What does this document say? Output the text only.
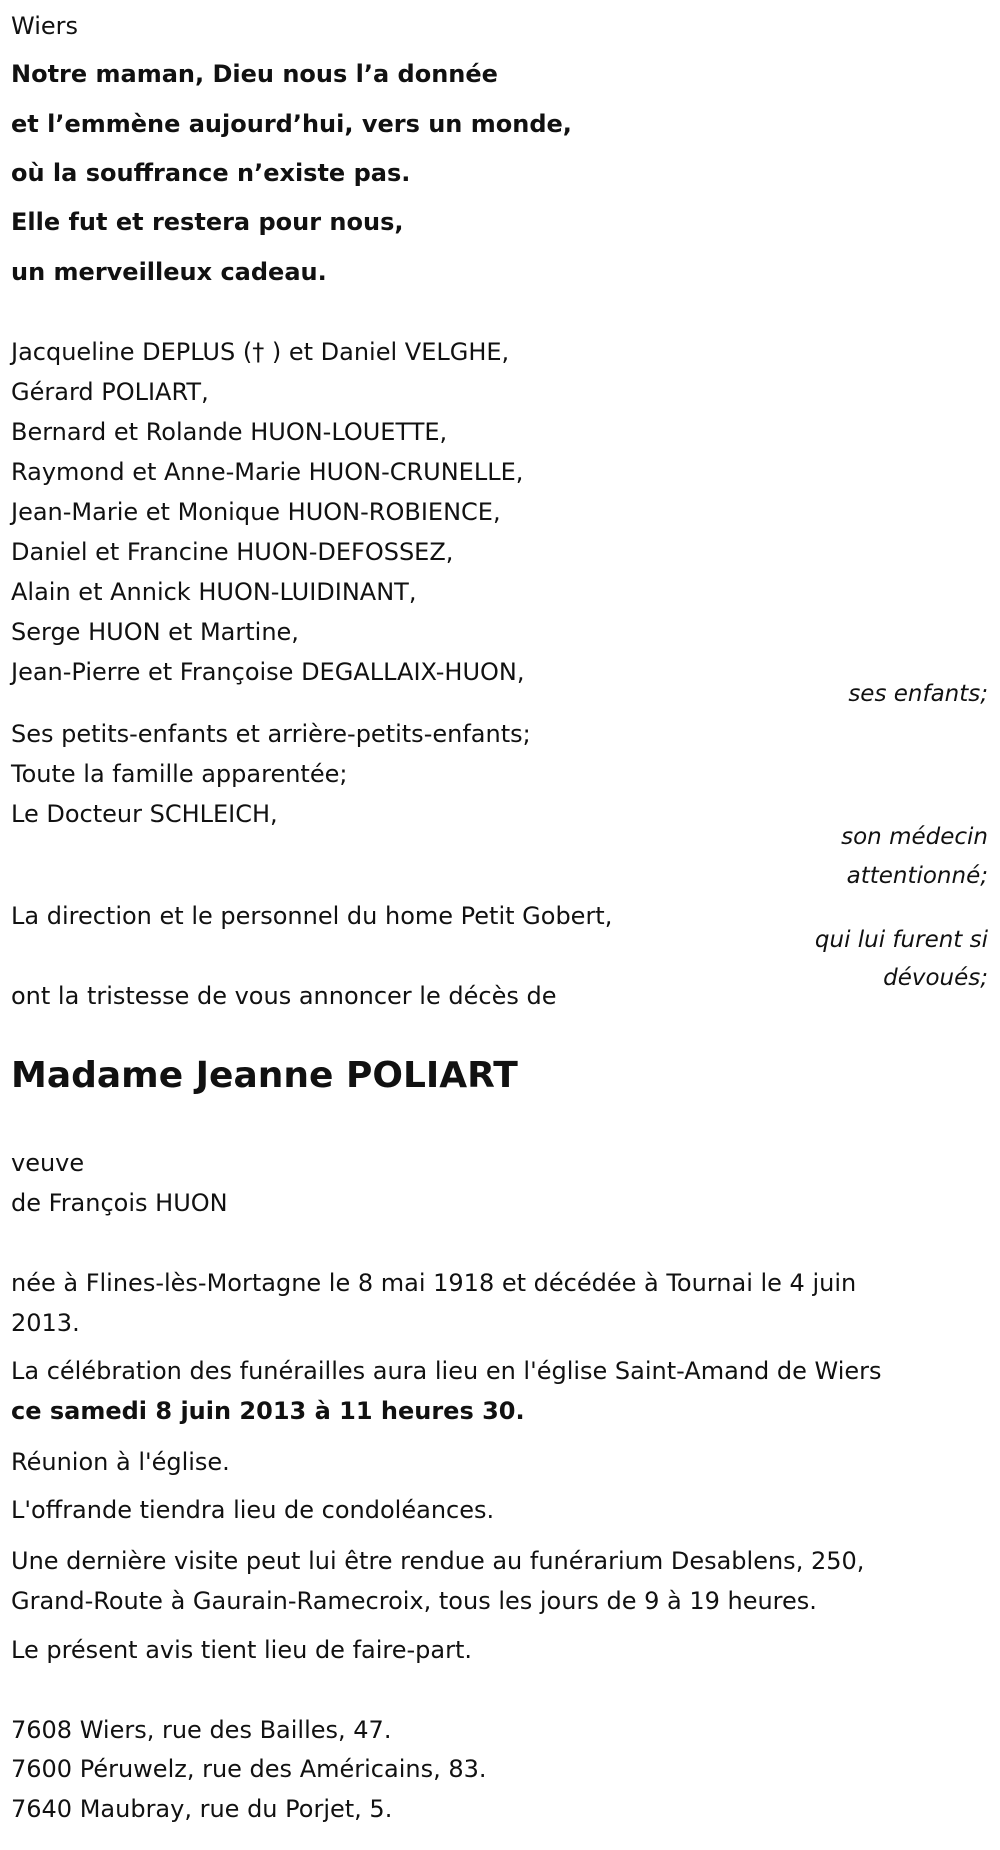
Wiers
Notre maman, Dieu nous l’a donnée
et l’emmène aujourd’hui, vers un monde,
où la souffrance n’existe pas.
Elle fut et restera pour nous,
un merveilleux cadeau.
Jacqueline DEPLUS († ) et Daniel VELGHE,
Gérard POLIART,
Bernard et Rolande HUON-LOUETTE,
Raymond et Anne-Marie HUON-CRUNELLE,
Jean-Marie et Monique HUON-ROBIENCE,
Daniel et Francine HUON-DEFOSSEZ,
Alain et Annick HUON-LUIDINANT,
Serge HUON et Martine,
Jean-Pierre et Françoise DEGALLAIX-HUON,
ses enfants;
Ses petits-enfants et arrière-petits-enfants;
Toute la famille apparentée;
Le Docteur SCHLEICH,
son médecin
attentionné;
La direction et le personnel du home Petit Gobert,
qui lui furent si
dévoués;
ont la tristesse de vous annoncer le décès de
Madame Jeanne POLIART
veuve
de François HUON
née à Flines-lès-Mortagne le 8 mai 1918 et décédée à Tournai le 4 juin
2013.
La célébration des funérailles aura lieu en l'église Saint-Amand de Wiers
ce samedi 8 juin 2013 à 11 heures 30.
Réunion à l'église.
L'offrande tiendra lieu de condoléances.
Une dernière visite peut lui être rendue au funérarium Desablens, 250,
Grand-Route à Gaurain-Ramecroix, tous les jours de 9 à 19 heures.
Le présent avis tient lieu de faire-part.
7608 Wiers, rue des Bailles, 47.
7600 Péruwelz, rue des Américains, 83.
7640 Maubray, rue du Porjet, 5.
